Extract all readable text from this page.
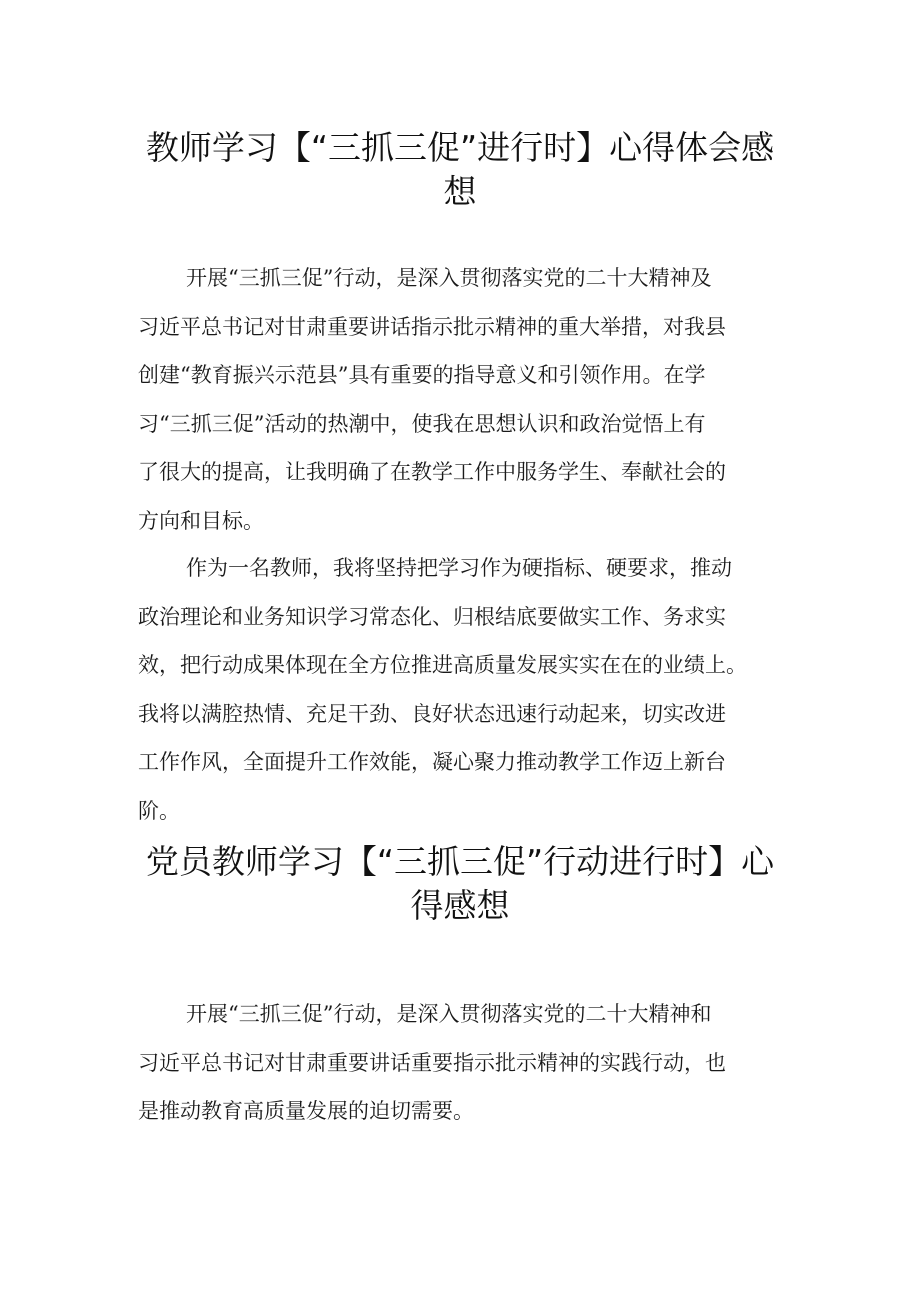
教师学习【“三抓三促”进行时】心得体会感
想
开展“三抓三促”行动，是深入贯彻落实党的二十大精神及
习近平总书记对甘肃重要讲话指示批示精神的重大举措，对我县
创建“教育振兴示范县”具有重要的指导意义和引领作用。在学
习“三抓三促”活动的热潮中，使我在思想认识和政治觉悟上有
了很大的提高，让我明确了在教学工作中服务学生、奉献社会的
方向和目标。
作为一名教师，我将坚持把学习作为硬指标、硬要求，推动
政治理论和业务知识学习常态化、归根结底要做实工作、务求实
效，把行动成果体现在全方位推进高质量发展实实在在的业绩上。
我将以满腔热情、充足干劲、良好状态迅速行动起来，切实改进
工作作风，全面提升工作效能，凝心聚力推动教学工作迈上新台
阶。
党员教师学习【“三抓三促”行动进行时】心
得感想
开展“三抓三促”行动，是深入贯彻落实党的二十大精神和
习近平总书记对甘肃重要讲话重要指示批示精神的实践行动，也
是推动教育高质量发展的迫切需要。
